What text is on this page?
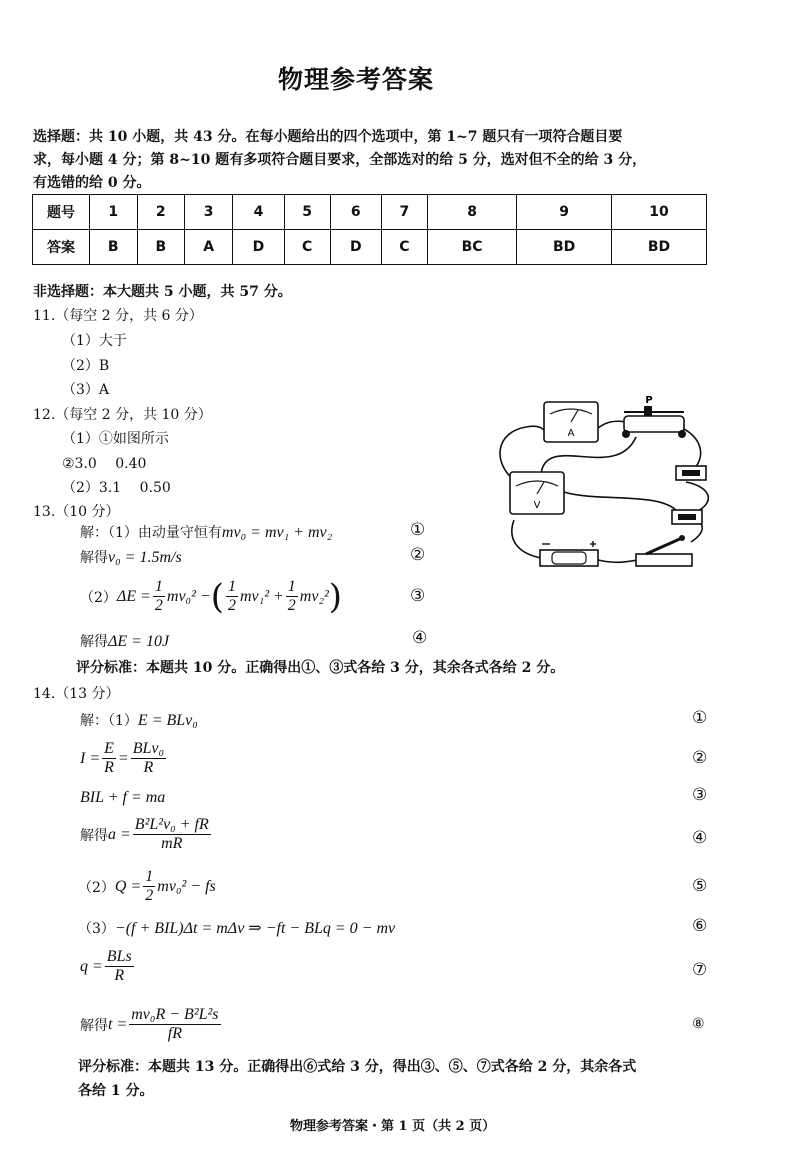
物理参考答案
选择题：共 10 小题，共 43 分。在每小题给出的四个选项中，第 1~7 题只有一项符合题目要
求，每小题 4 分；第 8~10 题有多项符合题目要求，全部选对的给 5 分，选对但不全的给 3 分，
有选错的给 0 分。
题号	1	2	3	4	5	6	7	8	9	10
答案	B	B	A	D	C	D	C	BC	BD	BD
非选择题：本大题共 5 小题，共 57 分。
11.（每空 2 分，共 6 分）
（1）大于
（2）B
（3）A
12.（每空 2 分，共 10 分）
（1）①如图所示
②3.0　 0.40
（2）3.1　 0.50
A
P
V
13.（10 分）
解：（1）由动量守恒有mv₀ = mv₁ + mv₂	①
解得v₀ = 1.5m/s	②
（2） $\Delta E = \frac{1}{2} mv_0^2$ − ( $\frac{1}{2} mv_1^2 + \frac{1}{2} mv_2^2$ )	③
解得ΔE = 10J	④
评分标准：本题共 10 分。正确得出①、③式各给 3 分，其余各式各给 2 分。
14.（13 分）
解：（1）E = BLv₀	①
$I = \frac{E}{R} = \frac{\text{BLv₀}}{R}$	②
BIL + f = ma	③
解得 $a = \frac{\text{B²L²v₀ + fR}}{mR}$	④
（2） $Q = \frac{1}{2} mv_0^2$ − fs	⑤
（3）−(f + BIL)Δt = mΔv ⇒ −ft − BLq = 0 − mv	⑥
$q = \frac{\text{BLs}}{R}$	⑦
解得 $t = \frac{\text{mv₀R − B²L²s}}{fR}$	⑧
评分标准：本题共 13 分。正确得出⑥式给 3 分，得出③、⑤、⑦式各给 2 分，其余各式
各给 1 分。
物理参考答案・第 1 页（共 2 页）
